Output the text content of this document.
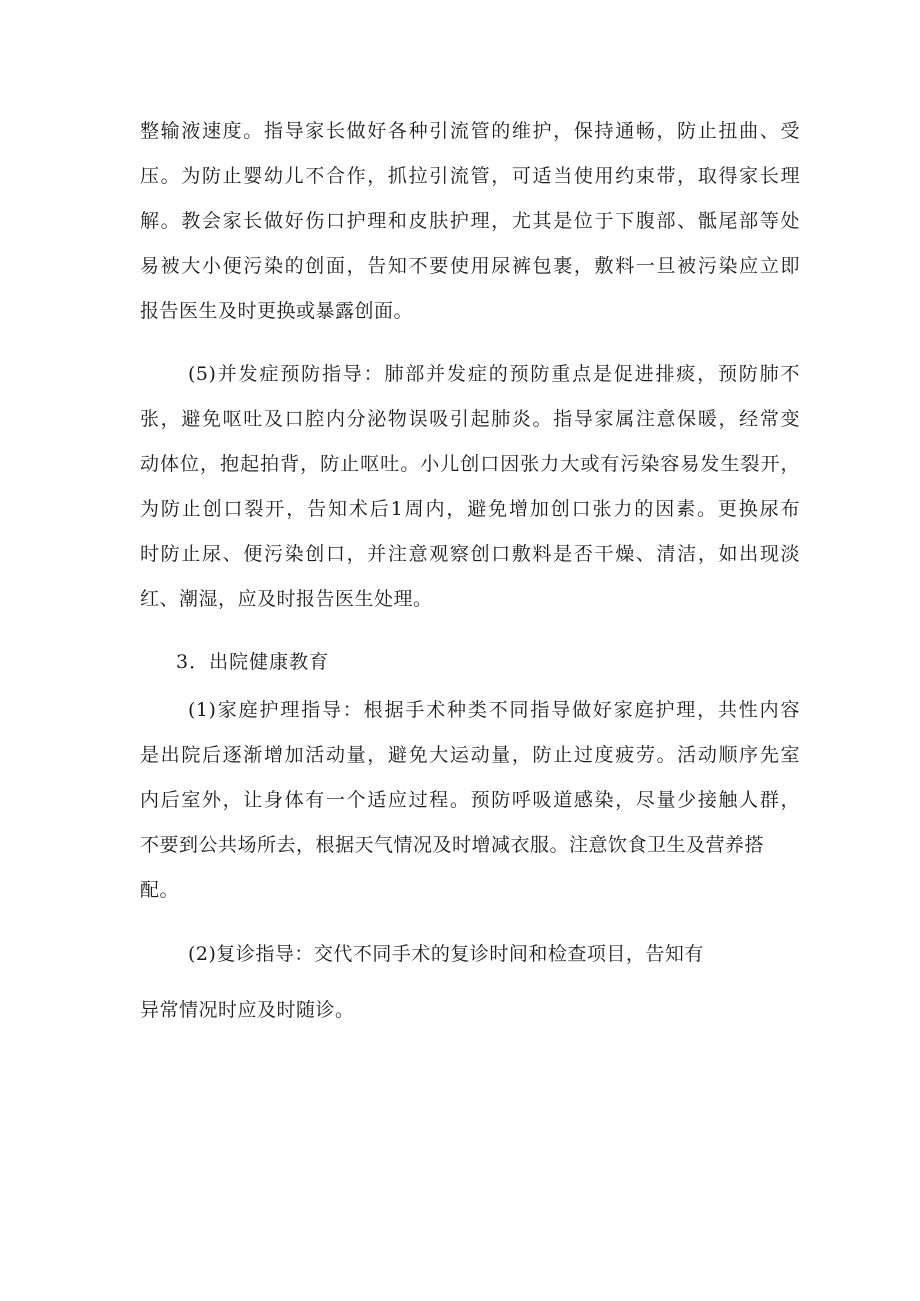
整输液速度。指导家长做好各种引流管的维护，保持通畅，防止扭曲、受
压。为防止婴幼儿不合作，抓拉引流管，可适当使用约束带，取得家长理
解。教会家长做好伤口护理和皮肤护理，尤其是位于下腹部、骶尾部等处
易被大小便污染的创面，告知不要使用尿裤包裹，敷料一旦被污染应立即
报告医生及时更换或暴露创面。
(5)并发症预防指导：肺部并发症的预防重点是促进排痰，预防肺不
张，避免呕吐及口腔内分泌物误吸引起肺炎。指导家属注意保暖，经常变
动体位，抱起拍背，防止呕吐。小儿创口因张力大或有污染容易发生裂开，
为防止创口裂开，告知术后1周内，避免增加创口张力的因素。更换尿布
时防止尿、便污染创口，并注意观察创口敷料是否干燥、清洁，如出现淡
红、潮湿，应及时报告医生处理。
3．出院健康教育
(1)家庭护理指导：根据手术种类不同指导做好家庭护理，共性内容
是出院后逐渐增加活动量，避免大运动量，防止过度疲劳。活动顺序先室
内后室外，让身体有一个适应过程。预防呼吸道感染，尽量少接触人群，
不要到公共场所去，根据天气情况及时增减衣服。注意饮食卫生及营养搭
配。
(2)复诊指导：交代不同手术的复诊时间和检查项目，告知有
异常情况时应及时随诊。
